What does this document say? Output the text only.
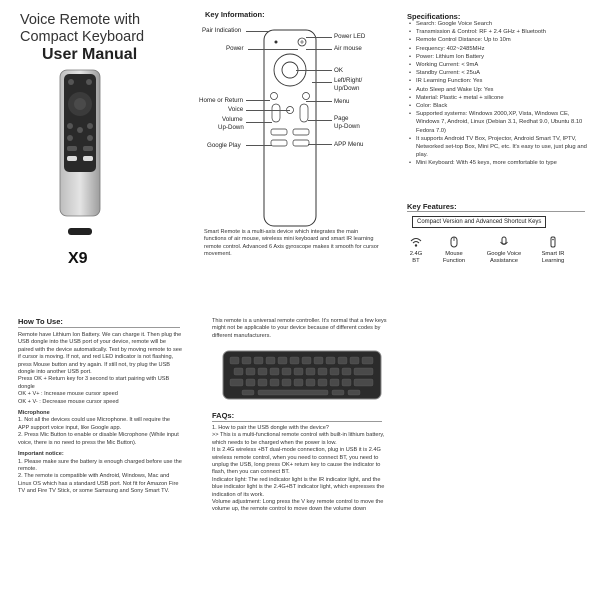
Voice Remote with
Compact Keyboard
User Manual
X9
Key Information:
Pair Indication
Power
Home or Return
Voice
Volume
Up-Down
Google Play
Power LED
Air mouse
OK
Left/Right/
Up/Down
Menu
Page
Up-Down
APP Menu
Smart Remote is a multi-axis device which integrates the main functions of air mouse, wireless mini keyboard and smart IR learning remote control. Advanced 6 Axis gyroscope makes it smooth for cursor movement.
Specifications:
• Search: Google Voice Search
• Transmission & Control: RF + 2.4 GHz + Bluetooth
• Remote Control Distance: Up to 10m
• Frequency: 402~2485MHz
• Power: Lithium Ion Battery
• Working Current: < 9mA
• Standby Current: < 25uA
• IR Learning Function: Yes
• Auto Sleep and Wake Up: Yes
• Material: Plastic + metal + silicone
• Color: Black
• Supported systems: Windows 2000,XP, Vista, Windows CE, Windows 7, Android, Linux (Debian 3.1, Redhat 9.0, Ubuntu 8.10 Fedora 7.0)
• It supports Android TV Box, Projector, Android Smart TV, IPTV, Networked set-top Box, Mini PC, etc. It's easy to use, just plug and play.
• Mini Keyboard: With 45 keys, more comfortable to type
Key Features:
Compact Version and Advanced Shortcut Keys
2.4G
BT
Mouse
Function
Google Voice
Assistance
Smart IR
Learning
How To Use:

Remote have Lithium Ion Battery. We can charge it. Then plug the USB dongle into the USB port of your device, remote will be paired with the device automatically. Test by moving remote to see if cursor is moving. If not, and red LED indicator is not flashing, press Mouse button and try again. If still not, try plug the USB dongle into another USB port.

Press OK + Return key for 3 second to start pairing with USB dongle

OK + V+ : Increase mouse cursor speed

OK + V- : Decrease mouse cursor speed

Microphone

1. Not all the devices could use Microphone. It will require the APP support voice input, like Google app.

2. Press Mic Button to enable or disable Microphone (While input voice, there is no need to press the Mic Button).

Important notice:

1. Please make sure the battery is enough charged before use the remote.

2. The remote is compatible with Android, Windows, Mac and Linux OS which has a standard USB port. Not fit for Amazon Fire TV and Fire TV Stick, or some Samsung and Sony Smart TV.

This remote is a universal remote controller. It's normal that a few keys might not be applicable to your device because of different codes by different manufacturers.
FAQs:

1. How to pair the USB dongle with the device?

>> This is a multi-functional remote control with built-in lithium battery, which needs to be charged when the power is low.

It is 2.4G wireless +BT dual-mode connection, plug in USB it is 2.4G wireless remote control, when you need to connect BT, you need to unplug the USB, long press OK+ return key to cause the indicator to flash, then you can connect BT.

Indicator light: The red indicator light is the IR indicator light, and the blue indicator light is the 2.4G+BT indicator light, which expresses the indication of its work.

Volume adjustment: Long press the V key remote control to move the volume up, the remote control to move down the volume down
